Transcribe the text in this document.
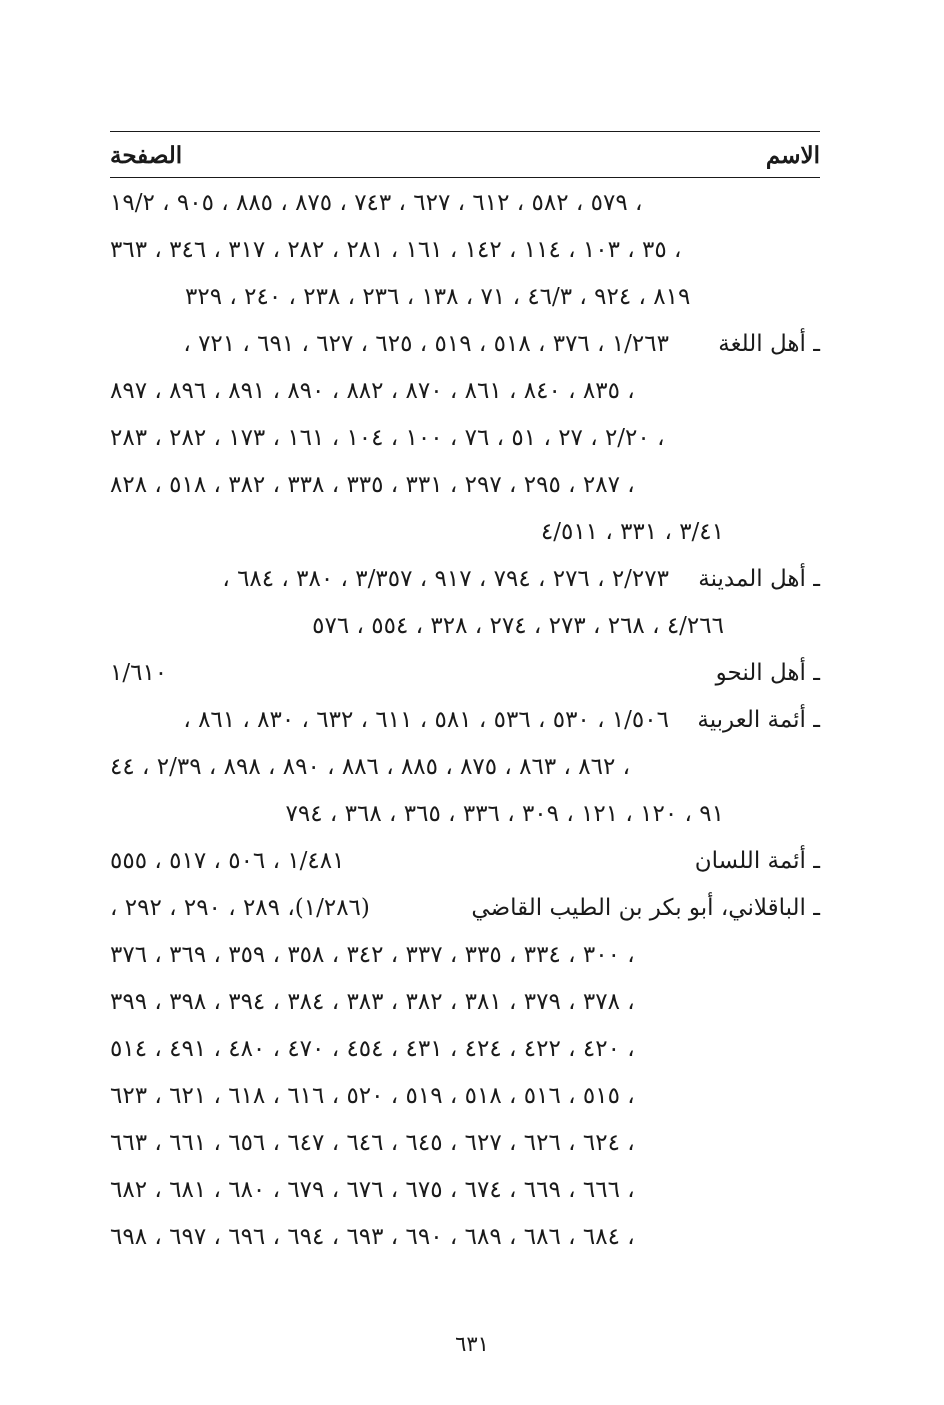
الاسم
الصفحة
٥٧٩ ، ٥٨٢ ، ٦١٢ ، ٦٢٧ ، ٧٤٣ ، ٨٧٥ ، ٨٨٥ ، ٩٠٥ ، ١٩/٢ ،
٣٥ ، ١٠٣ ، ١١٤ ، ١٤٢ ، ١٦١ ، ٢٨١ ، ٢٨٢ ، ٣١٧ ، ٣٤٦ ، ٣٦٣ ،
٨١٩ ، ٩٢٤ ، ٤٦/٣ ، ٧١ ، ١٣٨ ، ٢٣٦ ، ٢٣٨ ، ٢٤٠ ، ٣٢٩
ـ أهل اللغة
١/٢٦٣ ، ٣٧٦ ، ٥١٨ ، ٥١٩ ، ٦٢٥ ، ٦٢٧ ، ٦٩١ ، ٧٢١ ،
٨٣٥ ، ٨٤٠ ، ٨٦١ ، ٨٧٠ ، ٨٨٢ ، ٨٩٠ ، ٨٩١ ، ٨٩٦ ، ٨٩٧ ،
٢/٢٠ ، ٢٧ ، ٥١ ، ٧٦ ، ١٠٠ ، ١٠٤ ، ١٦١ ، ١٧٣ ، ٢٨٢ ، ٢٨٣ ،
٢٨٧ ، ٢٩٥ ، ٢٩٧ ، ٣٣١ ، ٣٣٥ ، ٣٣٨ ، ٣٨٢ ، ٥١٨ ، ٨٢٨ ،
٣/٤١ ، ٣٣١ ، ٤/٥١١
ـ أهل المدينة
٢/٢٧٣ ، ٢٧٦ ، ٧٩٤ ، ٩١٧ ، ٣/٣٥٧ ، ٣٨٠ ، ٦٨٤ ،
٤/٢٦٦ ، ٢٦٨ ، ٢٧٣ ، ٢٧٤ ، ٣٢٨ ، ٥٥٤ ، ٥٧٦
ـ أهل النحو
١/٦١٠
ـ أئمة العربية
١/٥٠٦ ، ٥٣٠ ، ٥٣٦ ، ٥٨١ ، ٦١١ ، ٦٣٢ ، ٨٣٠ ، ٨٦١ ،
٨٦٢ ، ٨٦٣ ، ٨٧٥ ، ٨٨٥ ، ٨٨٦ ، ٨٩٠ ، ٨٩٨ ، ٢/٣٩ ، ٤٤ ،
٩١ ، ١٢٠ ، ١٢١ ، ٣٠٩ ، ٣٣٦ ، ٣٦٥ ، ٣٦٨ ، ٧٩٤
ـ أئمة اللسان
١/٤٨١ ، ٥٠٦ ، ٥١٧ ، ٥٥٥
ـ الباقلاني، أبو بكر بن الطيب القاضي
(١/٢٨٦)، ٢٨٩ ، ٢٩٠ ، ٢٩٢ ،
٣٠٠ ، ٣٣٤ ، ٣٣٥ ، ٣٣٧ ، ٣٤٢ ، ٣٥٨ ، ٣٥٩ ، ٣٦٩ ، ٣٧٦ ،
٣٧٨ ، ٣٧٩ ، ٣٨١ ، ٣٨٢ ، ٣٨٣ ، ٣٨٤ ، ٣٩٤ ، ٣٩٨ ، ٣٩٩ ،
٤٢٠ ، ٤٢٢ ، ٤٢٤ ، ٤٣١ ، ٤٥٤ ، ٤٧٠ ، ٤٨٠ ، ٤٩١ ، ٥١٤ ،
٥١٥ ، ٥١٦ ، ٥١٨ ، ٥١٩ ، ٥٢٠ ، ٦١٦ ، ٦١٨ ، ٦٢١ ، ٦٢٣ ،
٦٢٤ ، ٦٢٦ ، ٦٢٧ ، ٦٤٥ ، ٦٤٦ ، ٦٤٧ ، ٦٥٦ ، ٦٦١ ، ٦٦٣ ،
٦٦٦ ، ٦٦٩ ، ٦٧٤ ، ٦٧٥ ، ٦٧٦ ، ٦٧٩ ، ٦٨٠ ، ٦٨١ ، ٦٨٢ ،
٦٨٤ ، ٦٨٦ ، ٦٨٩ ، ٦٩٠ ، ٦٩٣ ، ٦٩٤ ، ٦٩٦ ، ٦٩٧ ، ٦٩٨ ،
٦٣١
